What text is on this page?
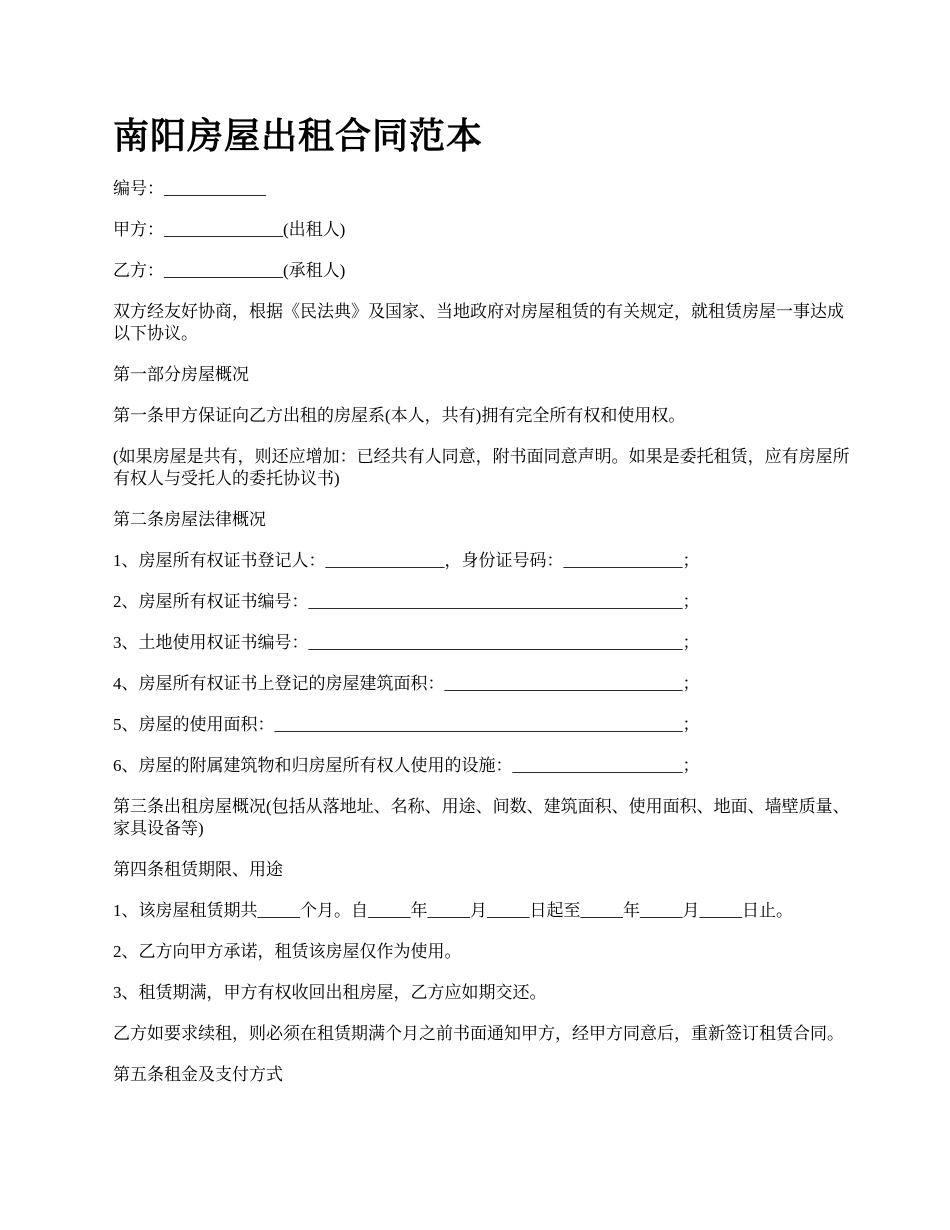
南阳房屋出租合同范本

编号：____________

甲方：______________(出租人)

乙方：______________(承租人)

双方经友好协商，根据《民法典》及国家、当地政府对房屋租赁的有关规定，就租赁房屋一事达成以下协议。

第一部分房屋概况

第一条甲方保证向乙方出租的房屋系(本人，共有)拥有完全所有权和使用权。

(如果房屋是共有，则还应增加：已经共有人同意，附书面同意声明。如果是委托租赁，应有房屋所有权人与受托人的委托协议书)

第二条房屋法律概况

1、房屋所有权证书登记人：______________，身份证号码：______________；

2、房屋所有权证书编号：____________________________________________；

3、土地使用权证书编号：____________________________________________；

4、房屋所有权证书上登记的房屋建筑面积：____________________________；

5、房屋的使用面积：________________________________________________；

6、房屋的附属建筑物和归房屋所有权人使用的设施：____________________；

第三条出租房屋概况(包括从落地址、名称、用途、间数、建筑面积、使用面积、地面、墙壁质量、家具设备等)

第四条租赁期限、用途

1、该房屋租赁期共_____个月。自_____年_____月_____日起至_____年_____月_____日止。

2、乙方向甲方承诺，租赁该房屋仅作为使用。

3、租赁期满，甲方有权收回出租房屋，乙方应如期交还。

乙方如要求续租，则必须在租赁期满个月之前书面通知甲方，经甲方同意后，重新签订租赁合同。

第五条租金及支付方式
